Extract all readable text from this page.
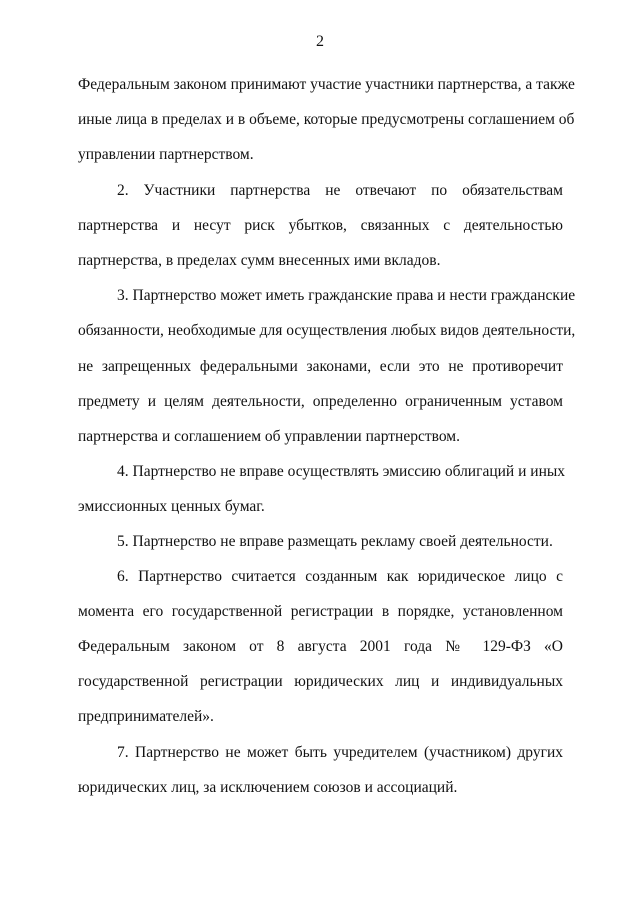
2
Федеральным законом принимают участие участники партнерства, а также
иные лица в пределах и в объеме, которые предусмотрены соглашением об
управлении партнерством.
2. Участники партнерства не отвечают по обязательствам
партнерства и несут риск убытков, связанных с деятельностью
партнерства, в пределах сумм внесенных ими вкладов.
3. Партнерство может иметь гражданские права и нести гражданские
обязанности, необходимые для осуществления любых видов деятельности,
не запрещенных федеральными законами, если это не противоречит
предмету и целям деятельности, определенно ограниченным уставом
партнерства и соглашением об управлении партнерством.
4. Партнерство не вправе осуществлять эмиссию облигаций и иных
эмиссионных ценных бумаг.
5. Партнерство не вправе размещать рекламу своей деятельности.
6. Партнерство считается созданным как юридическое лицо с
момента его государственной регистрации в порядке, установленном
Федеральным законом от 8 августа 2001 года № 129-ФЗ «О
государственной регистрации юридических лиц и индивидуальных
предпринимателей».
7. Партнерство не может быть учредителем (участником) других
юридических лиц, за исключением союзов и ассоциаций.
